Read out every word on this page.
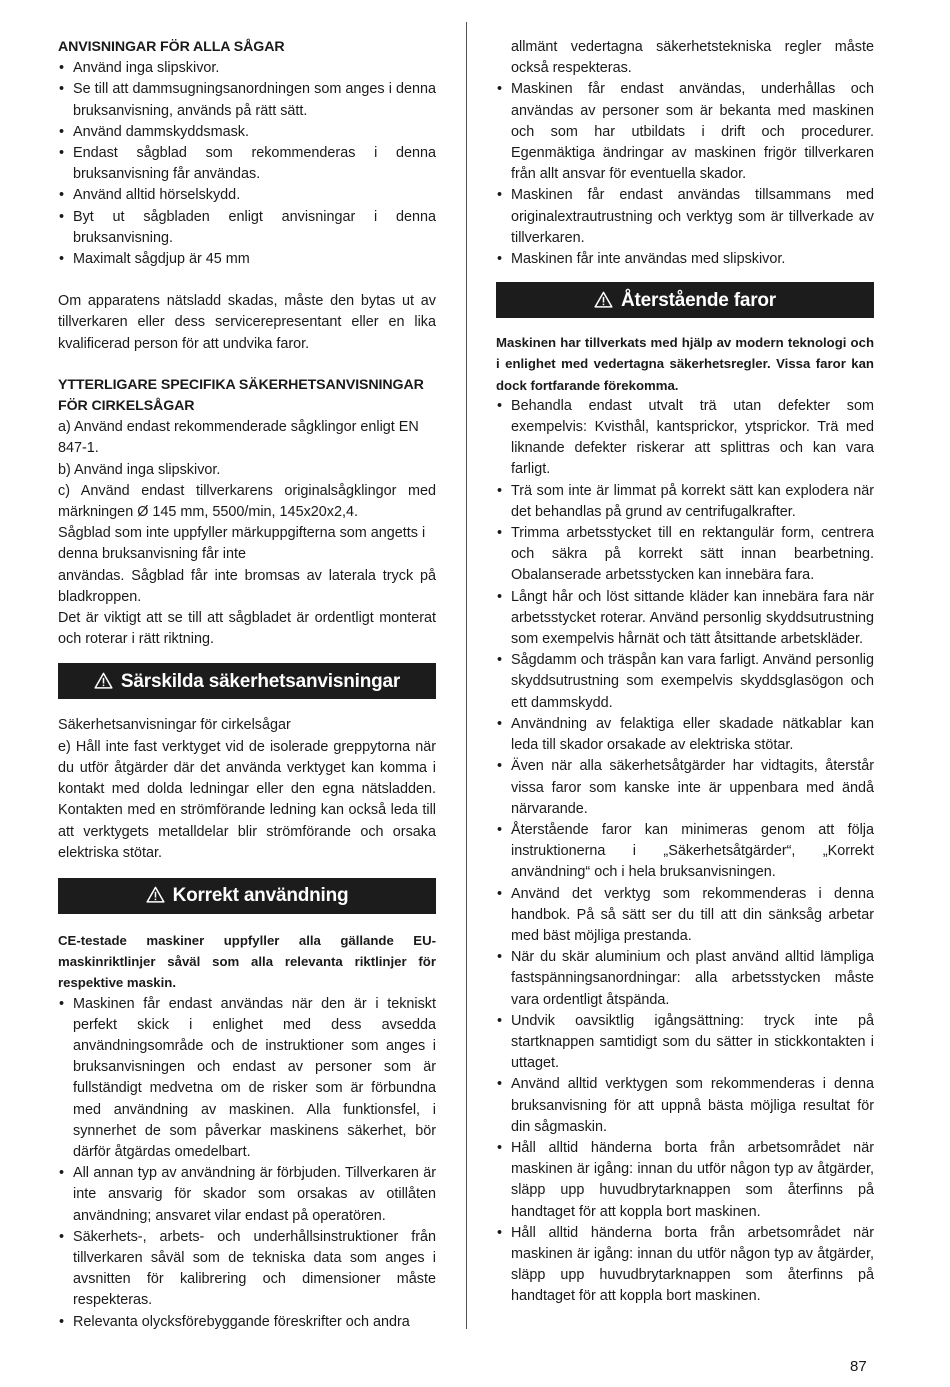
ANVISNINGAR FÖR ALLA SÅGAR
• Använd inga slipskivor.
• Se till att dammsugningsanordningen som anges i denna bruksanvisning, används på rätt sätt.
• Använd dammskyddsmask.
• Endast sågblad som rekommenderas i denna bruksanvisning får användas.
• Använd alltid hörselskydd.
• Byt ut sågbladen enligt anvisningar i denna bruksanvisning.
• Maximalt sågdjup är 45 mm

Om apparatens nätsladd skadas, måste den bytas ut av tillverkaren eller dess servicerepresentant eller en lika kvalificerad person för att undvika faror.

YTTERLIGARE SPECIFIKA SÄKERHETSANVISNINGAR FÖR CIRKELSÅGAR

a) Använd endast rekommenderade sågklingor enligt EN 847-1.

b) Använd inga slipskivor.

c) Använd endast tillverkarens originalsågklingor med märkningen Ø 145 mm, 5500/min, 145x20x2,4.

Sågblad som inte uppfyller märkuppgifterna som angetts i denna bruksanvisning får inte

användas. Sågblad får inte bromsas av laterala tryck på bladkroppen.

Det är viktigt att se till att sågbladet är ordentligt monterat och roterar i rätt riktning.

Särskilda säkerhetsanvisningar

Säkerhetsanvisningar för cirkelsågar

e) Håll inte fast verktyget vid de isolerade greppytorna när du utför åtgärder där det använda verktyget kan komma i kontakt med dolda ledningar eller den egna nätsladden. Kontakten med en strömförande ledning kan också leda till att verktygets metalldelar blir strömförande och orsaka elektriska stötar.

Korrekt användning

CE-testade maskiner uppfyller alla gällande EU-maskinriktlinjer såväl som alla relevanta riktlinjer för respektive maskin.

• Maskinen får endast användas när den är i tekniskt perfekt skick i enlighet med dess avsedda användningsområde och de instruktioner som anges i bruksanvisningen och endast av personer som är fullständigt medvetna om de risker som är förbundna med användning av maskinen. Alla funktionsfel, i synnerhet de som påverkar maskinens säkerhet, bör därför åtgärdas omedelbart.
• All annan typ av användning är förbjuden. Tillverkaren är inte ansvarig för skador som orsakas av otillåten användning; ansvaret vilar endast på operatören.
• Säkerhets-, arbets- och underhållsinstruktioner från tillverkaren såväl som de tekniska data som anges i avsnitten för kalibrering och dimensioner måste respekteras.
• Relevanta olycksförebyggande föreskrifter och andra

allmänt vedertagna säkerhetstekniska regler måste också respekteras.

• Maskinen får endast användas, underhållas och användas av personer som är bekanta med maskinen och som har utbildats i drift och procedurer. Egenmäktiga ändringar av maskinen frigör tillverkaren från allt ansvar för eventuella skador.
• Maskinen får endast användas tillsammans med originalextrautrustning och verktyg som är tillverkade av tillverkaren.
• Maskinen får inte användas med slipskivor.
Återstående faror

Maskinen har tillverkats med hjälp av modern teknologi och i enlighet med vedertagna säkerhetsregler. Vissa faror kan dock fortfarande förekomma.

• Behandla endast utvalt trä utan defekter som exempelvis: Kvisthål, kantsprickor, ytsprickor. Trä med liknande defekter riskerar att splittras och kan vara farligt.
• Trä som inte är limmat på korrekt sätt kan explodera när det behandlas på grund av centrifugalkrafter.
• Trimma arbetsstycket till en rektangulär form, centrera och säkra på korrekt sätt innan bearbetning. Obalanserade arbetsstycken kan innebära fara.
• Långt hår och löst sittande kläder kan innebära fara när arbetsstycket roterar. Använd personlig skyddsutrustning som exempelvis hårnät och tätt åtsittande arbetskläder.
• Sågdamm och träspån kan vara farligt. Använd personlig skyddsutrustning som exempelvis skyddsglasögon och ett dammskydd.
• Användning av felaktiga eller skadade nätkablar kan leda till skador orsakade av elektriska stötar.
• Även när alla säkerhetsåtgärder har vidtagits, återstår vissa faror som kanske inte är uppenbara med ändå närvarande.
• Återstående faror kan minimeras genom att följa instruktionerna i „Säkerhetsåtgärder“, „Korrekt användning“ och i hela bruksanvisningen.
• Använd det verktyg som rekommenderas i denna handbok. På så sätt ser du till att din sänksåg arbetar med bäst möjliga prestanda.
• När du skär aluminium och plast använd alltid lämpliga fastspänningsanordningar: alla arbetsstycken måste vara ordentligt åtspända.
• Undvik oavsiktlig igångsättning: tryck inte på startknappen samtidigt som du sätter in stickkontakten i uttaget.
• Använd alltid verktygen som rekommenderas i denna bruksanvisning för att uppnå bästa möjliga resultat för din sågmaskin.
• Håll alltid händerna borta från arbetsområdet när maskinen är igång: innan du utför någon typ av åtgärder, släpp upp huvudbrytarknappen som återfinns på handtaget för att koppla bort maskinen.
• Håll alltid händerna borta från arbetsområdet när maskinen är igång: innan du utför någon typ av åtgärder, släpp upp huvudbrytarknappen som återfinns på handtaget för att koppla bort maskinen.
87
